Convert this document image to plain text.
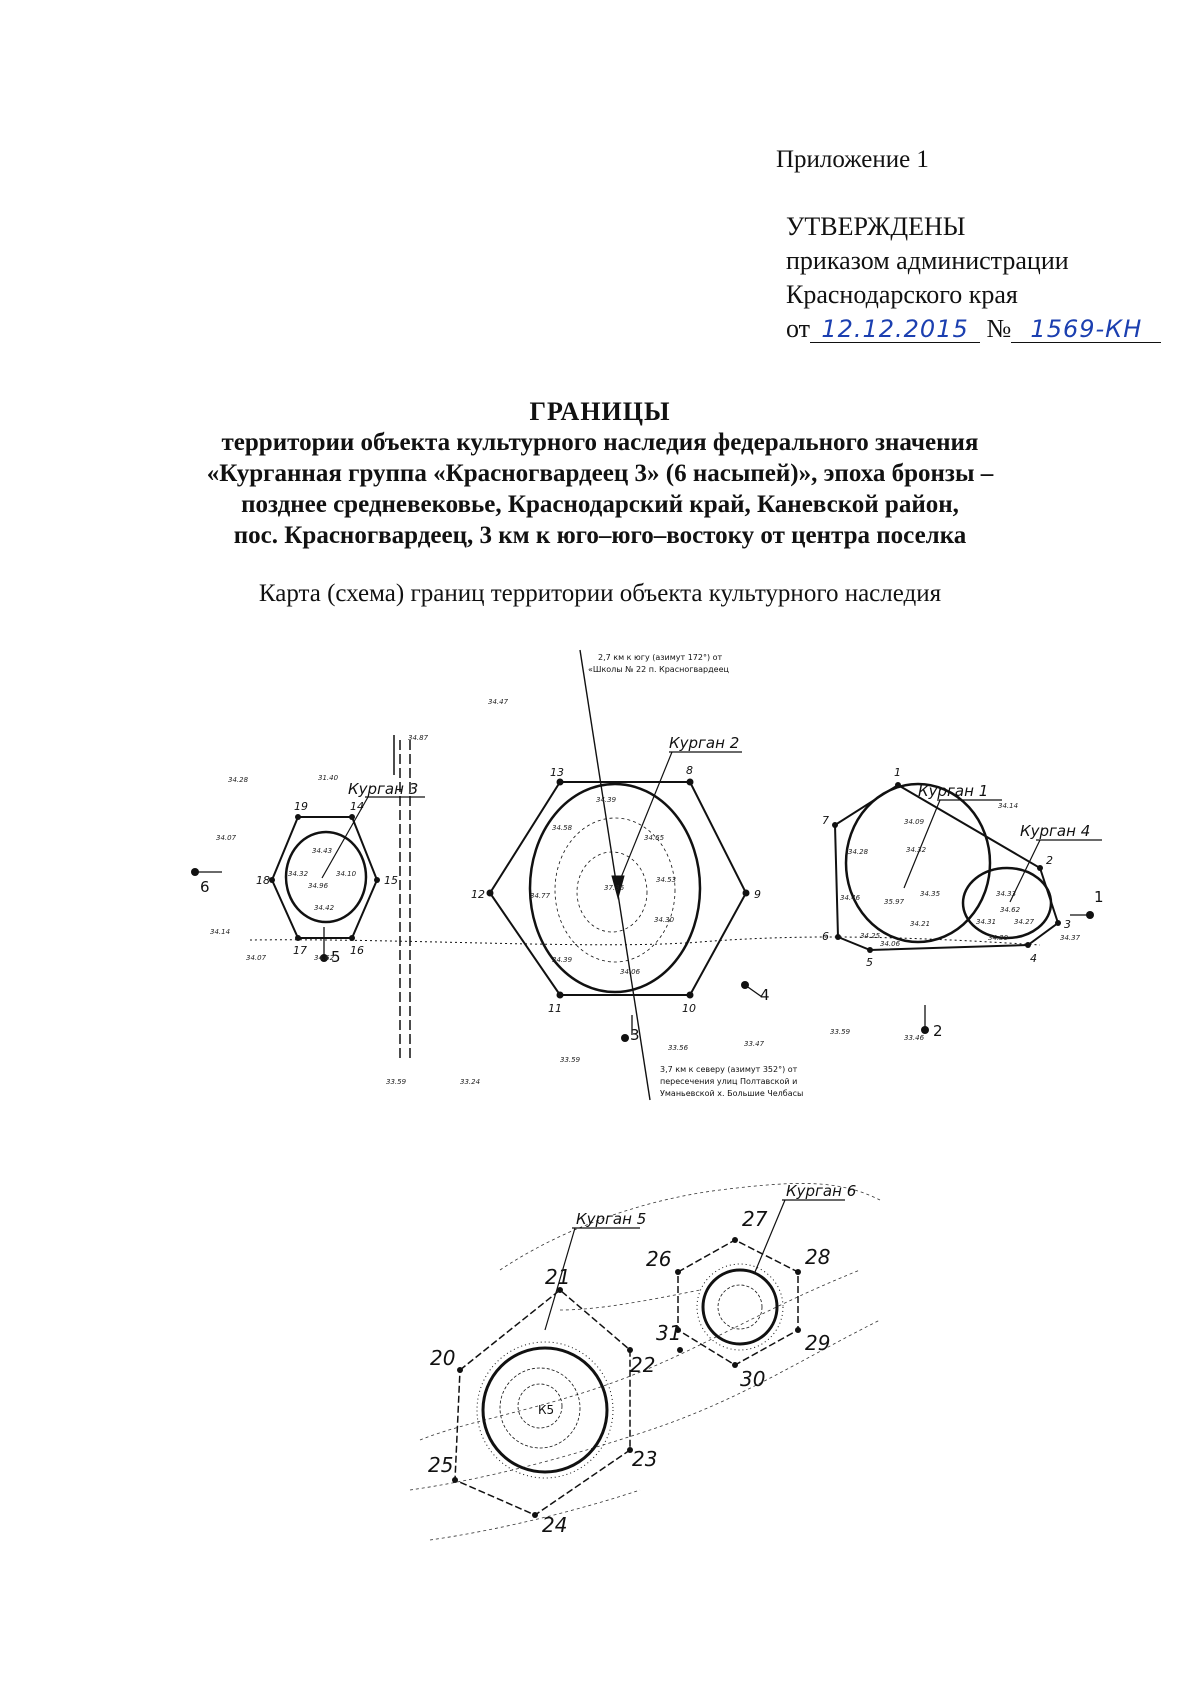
Приложение 1
УТВЕРЖДЕНЫ
приказом администрации
Краснодарского края
от 12.12.2015 № 1569-КН
ГРАНИЦЫ
территории объекта культурного наследия федерального значения
«Курганная группа «Красногвардеец 3» (6 насыпей)», эпоха бронзы –
позднее средневековье, Краснодарский край, Каневской район,
пос. Красногвардеец, 3 км к юго–юго–востоку от центра поселка
Карта (схема) границ территории объекта культурного наследия
Курган 1
Курган 2
Курган 3
Курган 4
2,7 км к югу (азимут 172°) от
«Школы № 22 п. Красногвардеец
3,7 км к северу (азимут 352°) от
пересечения улиц Полтавской и
Уманьевской х. Большие Челбасы
13	8
9
10
11
12
19	14
15
16
17
18
1
2
3
4
5
6
7
1
2
3
4
5
6
34.47
34.87
34.28	31.40
34.07
34.14
34.07
34.39
34.58
34.65
34.77
34.53
37.36
34.30
34.39
34.06
33.56	33.47
33.59
33.59
33.59	33.24
34.14
34.09
34.28	34.32
34.46	35.97
34.35
34.25
34.21
34.06
34.33
34.62
34.31	34.27
34.30	34.37
33.46
34.43
34.96
34.32	34.10
34.42
34.62
Курган 5
Курган 6
20
21
22
23
24
25
26
27
28
29
30
31
К5
